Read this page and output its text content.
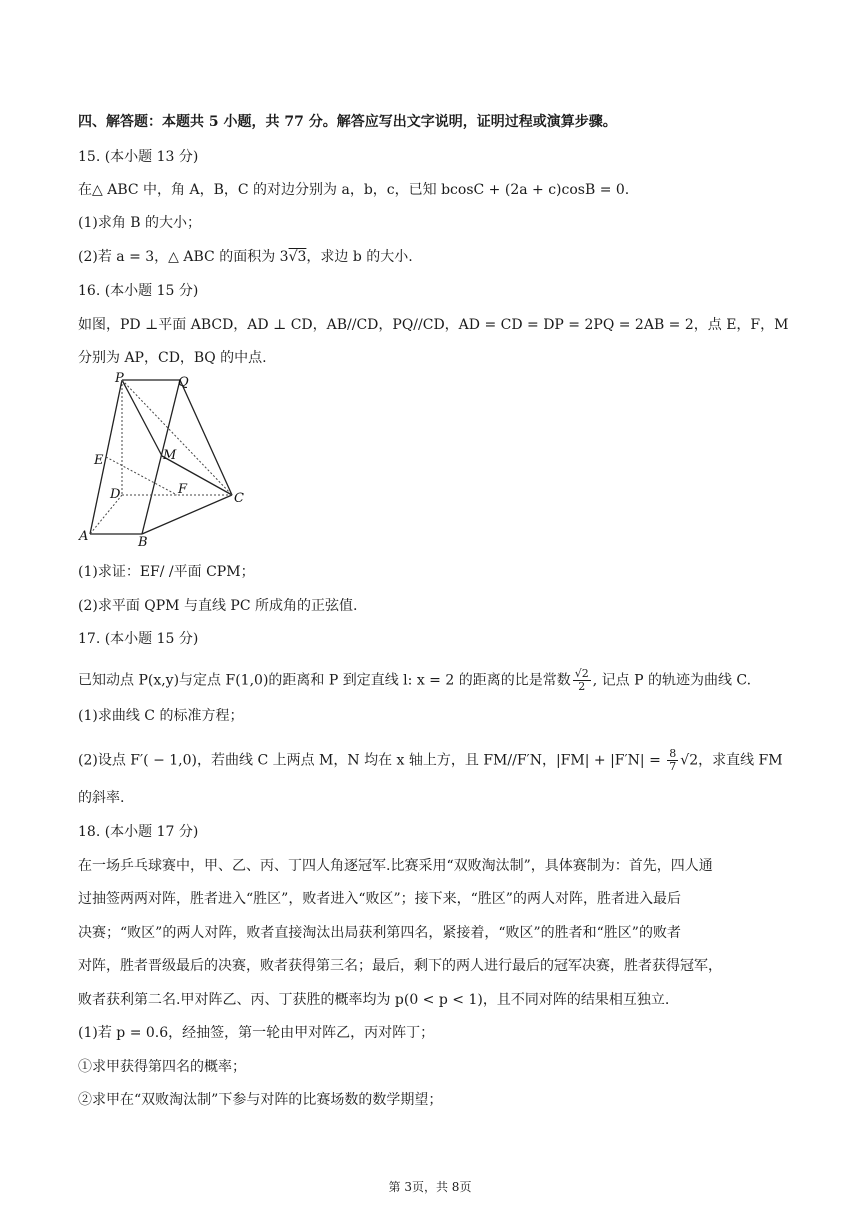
四、解答题：本题共 5 小题，共 77 分。解答应写出文字说明，证明过程或演算步骤。
15. (本小题 13 分)
在△ ABC 中，角 A，B，C 的对边分别为 a，b，c，已知 bcosC + (2a + c)cosB = 0.
(1)求角 B 的大小；
(2)若 a = 3，△ ABC 的面积为 3√3，求边 b 的大小.
16. (本小题 15 分)
如图，PD ⊥平面 ABCD，AD ⊥ CD，AB//CD，PQ//CD，AD = CD = DP = 2PQ = 2AB = 2，点 E，F，M
分别为 AP，CD，BQ 的中点.
P	Q
E	M
D	F
C
A	B
(1)求证：EF/ /平面 CPM；
(2)求平面 QPM 与直线 PC 所成角的正弦值.
17. (本小题 15 分)
已知动点 P(x,y)与定点 F(1,0)的距离和 P 到定直线 l: x = 2 的距离的比是常数 $\frac{√2}{2}$ , 记点 P 的轨迹为曲线 C.
(1)求曲线 C 的标准方程；
(2)设点 F′( − 1,0)，若曲线 C 上两点 M，N 均在 x 轴上方，且 FM//F′N，$|FM| + |F'N| = \frac{8}{7} √2$，求直线 FM
的斜率.
18. (本小题 17 分)
在一场乒乓球赛中，甲、乙、丙、丁四人角逐冠军.比赛采用“双败淘汰制”，具体赛制为：首先，四人通
过抽签两两对阵，胜者进入“胜区”，败者进入“败区”；接下来，“胜区”的两人对阵，胜者进入最后
决赛；“败区”的两人对阵，败者直接淘汰出局获利第四名，紧接着，“败区”的胜者和“胜区”的败者
对阵，胜者晋级最后的决赛，败者获得第三名；最后，剩下的两人进行最后的冠军决赛，胜者获得冠军，
败者获利第二名.甲对阵乙、丙、丁获胜的概率均为 p(0 < p < 1)，且不同对阵的结果相互独立.
(1)若 p = 0.6，经抽签，第一轮由甲对阵乙，丙对阵丁；
①求甲获得第四名的概率；
②求甲在“双败淘汰制”下参与对阵的比赛场数的数学期望；
第 3页，共 8页
